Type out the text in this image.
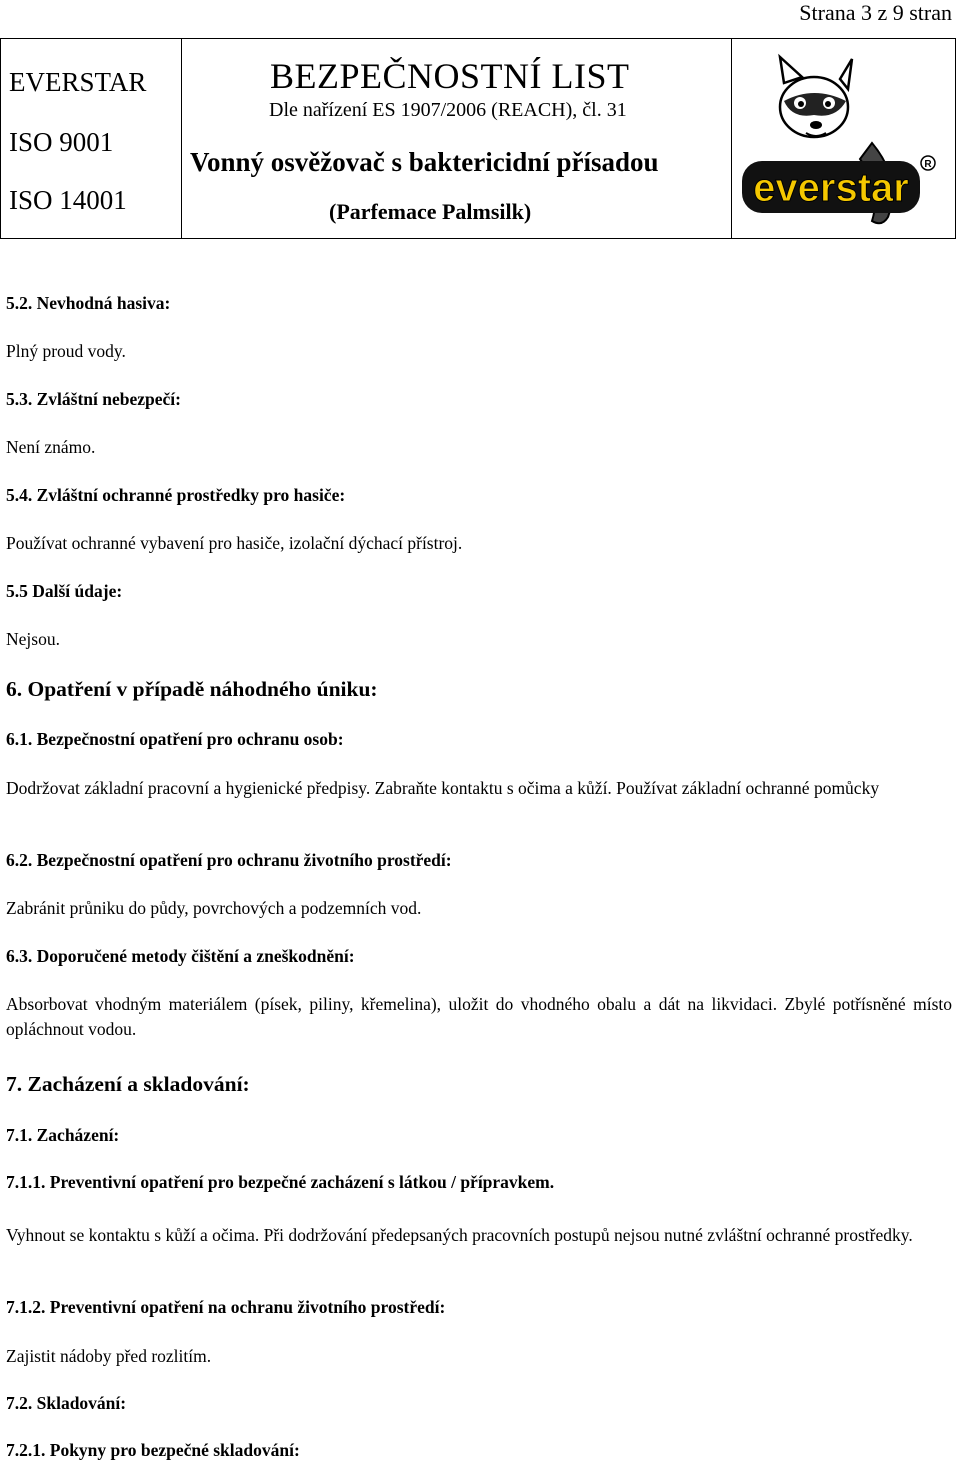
Strana 3 z 9 stran
EVERSTAR
ISO 9001
ISO 14001
BEZPEČNOSTNÍ LIST
Dle nařízení ES 1907/2006 (REACH), čl. 31
Vonný osvěžovač s baktericidní přísadou
(Parfemace Palmsilk)
everstar
R
5.2. Nevhodná hasiva:
Plný proud vody.
5.3. Zvláštní nebezpečí:
Není známo.
5.4. Zvláštní ochranné prostředky pro hasiče:
Používat ochranné vybavení pro hasiče, izolační dýchací přístroj.
5.5 Další údaje:
Nejsou.
6. Opatření v případě náhodného úniku:
6.1. Bezpečnostní opatření pro ochranu osob:
Dodržovat základní pracovní a hygienické předpisy. Zabraňte kontaktu s očima a kůží. Používat základní ochranné pomůcky
6.2. Bezpečnostní opatření pro ochranu životního prostředí:
Zabránit průniku do půdy, povrchových a podzemních vod.
6.3. Doporučené metody čištění a zneškodnění:
Absorbovat vhodným materiálem (písek, piliny, křemelina), uložit do vhodného obalu a dát na likvidaci. Zbylé potřísněné místo opláchnout vodou.
7. Zacházení a skladování:
7.1. Zacházení:
7.1.1. Preventivní opatření pro bezpečné zacházení s látkou / přípravkem.
Vyhnout se kontaktu s kůží a očima. Při dodržování předepsaných pracovních postupů nejsou nutné zvláštní ochranné prostředky.
7.1.2. Preventivní opatření na ochranu životního prostředí:
Zajistit nádoby před rozlitím.
7.2. Skladování:
7.2.1. Pokyny pro bezpečné skladování:
